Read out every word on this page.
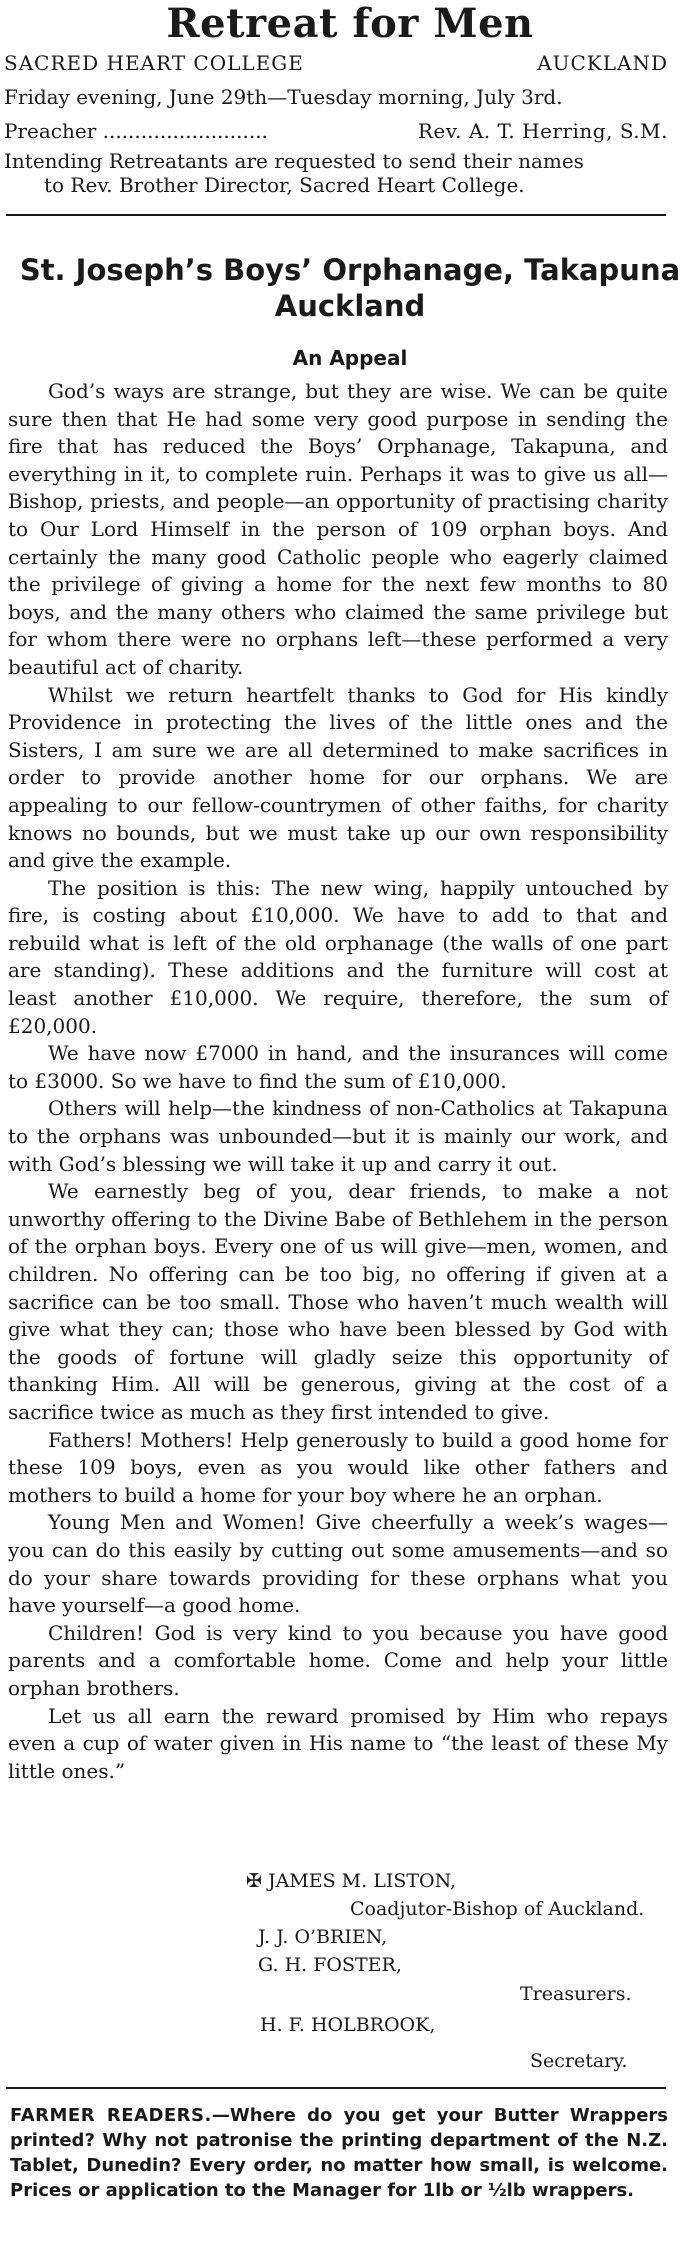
Retreat for Men
SACRED HEART COLLEGE	AUCKLAND
Friday evening, June 29th—Tuesday morning, July 3rd.
Preacher ..........................	Rev. A. T. Herring, S.M.
Intending Retreatants are requested to send their names
to Rev. Brother Director, Sacred Heart College.
St. Joseph’s Boys’ Orphanage, Takapuna
Auckland
An Appeal

God’s ways are strange, but they are wise. We can be quite sure then that He had some very good purpose in sending the fire that has reduced the Boys’ Orphanage, Takapuna, and everything in it, to complete ruin. Perhaps it was to give us all—Bishop, priests, and people—an opportunity of practising charity to Our Lord Himself in the person of 109 orphan boys. And certainly the many good Catholic people who eagerly claimed the privilege of giving a home for the next few months to 80 boys, and the many others who claimed the same privilege but for whom there were no orphans left—these performed a very beautiful act of charity.

Whilst we return heartfelt thanks to God for His kindly Providence in protecting the lives of the little ones and the Sisters, I am sure we are all determined to make sacrifices in order to provide another home for our orphans. We are appealing to our fellow-countrymen of other faiths, for charity knows no bounds, but we must take up our own responsibility and give the example.

The position is this: The new wing, happily untouched by fire, is costing about £10,000. We have to add to that and rebuild what is left of the old orphanage (the walls of one part are standing). These additions and the furniture will cost at least another £10,000. We require, therefore, the sum of £20,000.

We have now £7000 in hand, and the insurances will come to £3000. So we have to find the sum of £10,000.

Others will help—the kindness of non-Catholics at Takapuna to the orphans was unbounded—but it is mainly our work, and with God’s blessing we will take it up and carry it out.

We earnestly beg of you, dear friends, to make a not unworthy offering to the Divine Babe of Bethlehem in the person of the orphan boys. Every one of us will give—men, women, and children. No offering can be too big, no offering if given at a sacrifice can be too small. Those who haven’t much wealth will give what they can; those who have been blessed by God with the goods of fortune will gladly seize this opportunity of thanking Him. All will be generous, giving at the cost of a sacrifice twice as much as they first intended to give.

Fathers! Mothers! Help generously to build a good home for these 109 boys, even as you would like other fathers and mothers to build a home for your boy where he an orphan.

Young Men and Women! Give cheerfully a week’s wages—you can do this easily by cutting out some amusements—and so do your share towards providing for these orphans what you have yourself—a good home.

Children! God is very kind to you because you have good parents and a comfortable home. Come and help your little orphan brothers.

Let us all earn the reward promised by Him who repays even a cup of water given in His name to “the least of these My little ones.”

✠ JAMES M. LISTON,
Coadjutor-Bishop of Auckland.
J. J. O’BRIEN,
G. H. FOSTER,
Treasurers.
H. F. HOLBROOK,
Secretary.
FARMER READERS.—Where do you get your Butter Wrappers printed? Why not patronise the printing department of the N.Z. Tablet, Dunedin? Every order, no matter how small, is welcome. Prices or application to the Manager for 1lb or ½lb wrappers.
